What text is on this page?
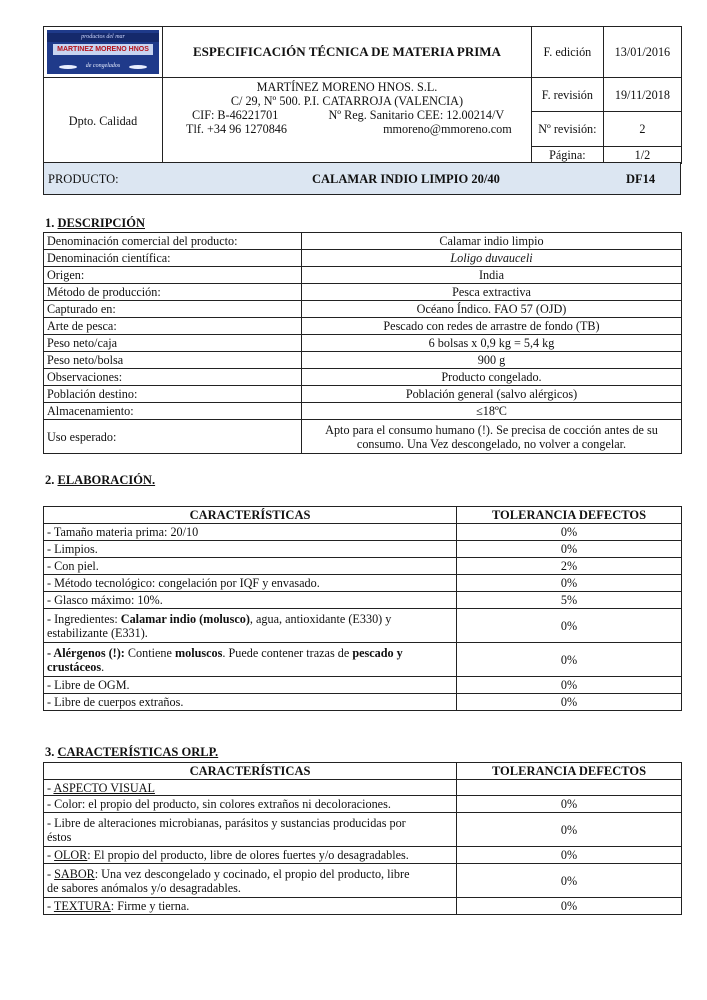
productos del mar
MARTINEZ MORENO HNOS
de congelados	ESPECIFICACIÓN TÉCNICA DE MATERIA PRIMA	F. edición	13/01/2016
Dpto. Calidad	MARTÍNEZ MORENO HNOS. S.L.
C/ 29, Nº 500. P.I. CATARROJA (VALENCIA)
CIF: B-46221701 Nº Reg. Sanitario CEE: 12.00214/V
Tlf. +34 96 1270846 mmoreno@mmoreno.com	F. revisión	19/11/2018
		Nº revisión:	2
		Página:	1/2
PRODUCTO:	CALAMAR INDIO LIMPIO 20/40	DF14
1. DESCRIPCIÓN
Denominación comercial del producto:	Calamar indio limpio
Denominación científica:	Loligo duvauceli
Origen:	India
Método de producción:	Pesca extractiva
Capturado en:	Océano Índico. FAO 57 (OJD)
Arte de pesca:	Pescado con redes de arrastre de fondo (TB)
Peso neto/caja	6 bolsas x 0,9 kg = 5,4 kg
Peso neto/bolsa	900 g
Observaciones:	Producto congelado.
Población destino:	Población general (salvo alérgicos)
Almacenamiento:	≤18ºC
Uso esperado:	Apto para el consumo humano (!). Se precisa de cocción antes de su
consumo. Una Vez descongelado, no volver a congelar.
2. ELABORACIÓN.
CARACTERÍSTICAS	TOLERANCIA DEFECTOS
- Tamaño materia prima: 20/10	0%
- Limpios.	0%
- Con piel.	2%
- Método tecnológico: congelación por IQF y envasado.	0%
- Glasco máximo: 10%.	5%

- Ingredientes: Calamar indio (molusco), agua, antioxidante (E330) y
estabilizante (E331).	0%

- Alérgenos (!): Contiene moluscos. Puede contener trazas de pescado y
crustáceos.	0%
- Libre de OGM.	0%
- Libre de cuerpos extraños.	0%
3. CARACTERÍSTICAS ORLP.
CARACTERÍSTICAS	TOLERANCIA DEFECTOS
- ASPECTO VISUAL	
- Color: el propio del producto, sin colores extraños ni decoloraciones.	0%

- Libre de alteraciones microbianas, parásitos y sustancias producidas por
éstos	0%
- OLOR: El propio del producto, libre de olores fuertes y/o desagradables.	0%

- SABOR: Una vez descongelado y cocinado, el propio del producto, libre
de sabores anómalos y/o desagradables.	0%
- TEXTURA: Firme y tierna.	0%
